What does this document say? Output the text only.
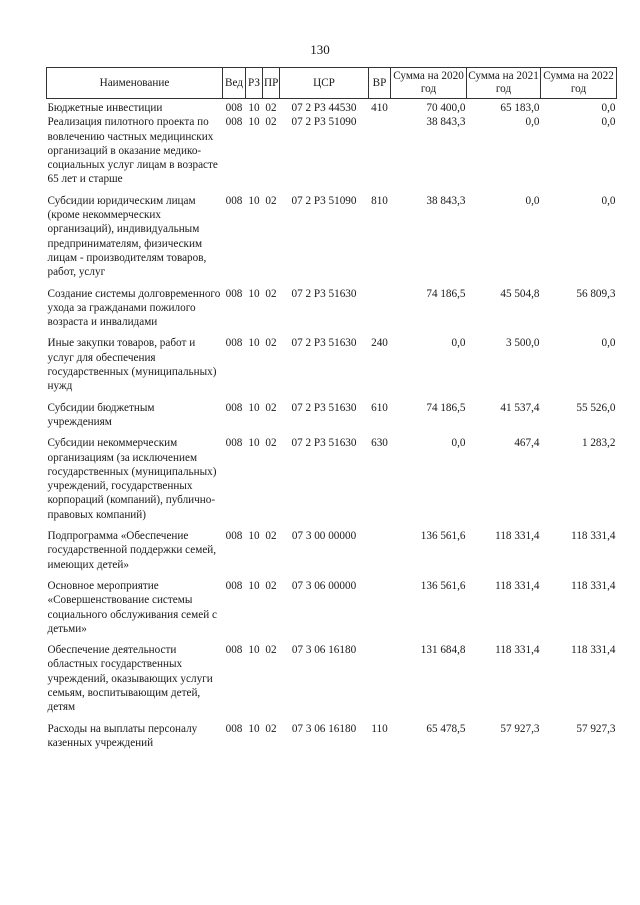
130
Наименование	Вед	РЗ	ПР	ЦСР	ВР	Сумма на 2020 год	Сумма на 2021 год	Сумма на 2022 год
Бюджетные инвестиции	008	10	02	07 2 Р3 44530	410	70 400,0	65 183,0	0,0
Реализация пилотного проекта по вовлечению частных медицинских организаций в оказание медико-социальных услуг лицам в возрасте 65 лет и старше	008	10	02	07 2 Р3 51090		38 843,3	0,0	0,0
Субсидии юридическим лицам (кроме некоммерческих организаций), индивидуальным предпринимателям, физическим лицам - производителям товаров, работ, услуг	008	10	02	07 2 Р3 51090	810	38 843,3	0,0	0,0
Создание системы долговременного ухода за гражданами пожилого возраста и инвалидами	008	10	02	07 2 Р3 51630		74 186,5	45 504,8	56 809,3
Иные закупки товаров, работ и услуг для обеспечения государственных (муниципальных) нужд	008	10	02	07 2 Р3 51630	240	0,0	3 500,0	0,0
Субсидии бюджетным учреждениям	008	10	02	07 2 Р3 51630	610	74 186,5	41 537,4	55 526,0
Субсидии некоммерческим организациям (за исключением государственных (муниципальных) учреждений, государственных корпораций (компаний), публично-правовых компаний)	008	10	02	07 2 Р3 51630	630	0,0	467,4	1 283,2
Подпрограмма «Обеспечение государственной поддержки семей, имеющих детей»	008	10	02	07 3 00 00000		136 561,6	118 331,4	118 331,4
Основное мероприятие «Совершенствование системы социального обслуживания семей с детьми»	008	10	02	07 3 06 00000		136 561,6	118 331,4	118 331,4
Обеспечение деятельности областных государственных учреждений, оказывающих услуги семьям, воспитывающим детей, детям	008	10	02	07 3 06 16180		131 684,8	118 331,4	118 331,4
Расходы на выплаты персоналу казенных учреждений	008	10	02	07 3 06 16180	110	65 478,5	57 927,3	57 927,3
